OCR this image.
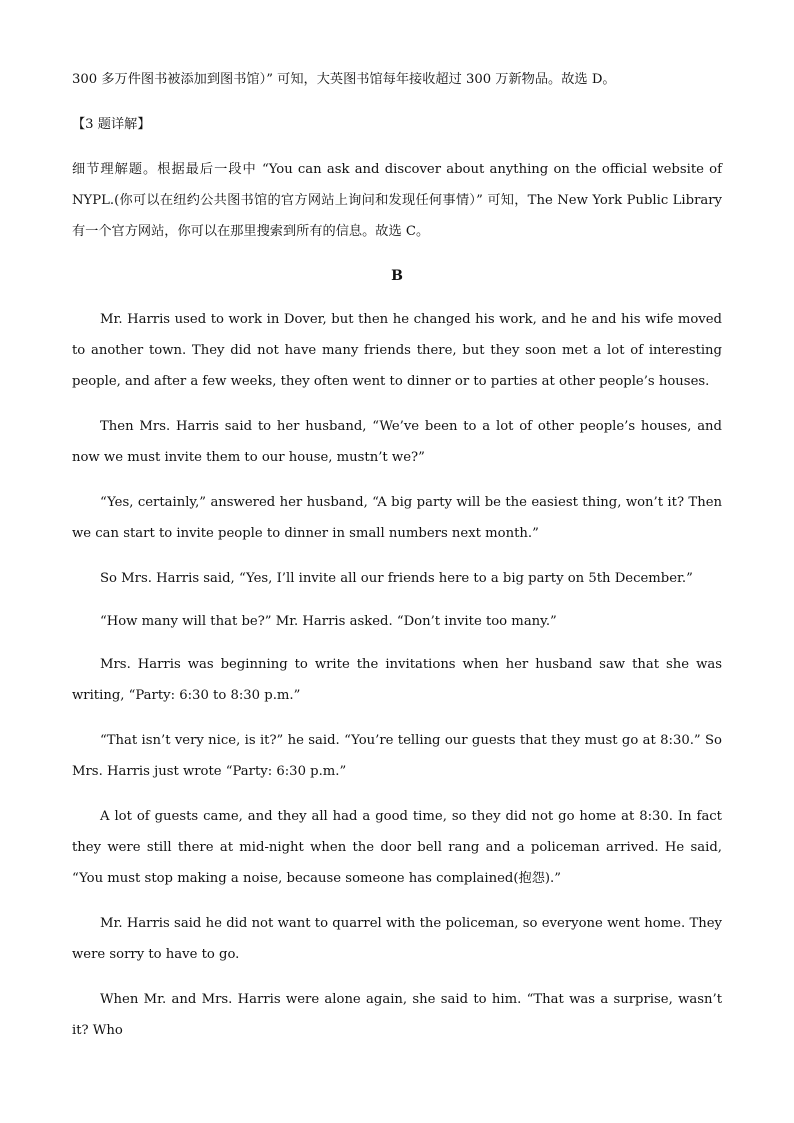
300 多万件图书被添加到图书馆）” 可知，大英图书馆每年接收超过 300 万新物品。故选 D。

【3 题详解】

细节理解题。根据最后一段中 “You can ask and discover about anything on the official website of NYPL.(你可以在纽约公共图书馆的官方网站上询问和发现任何事情）” 可知，The New York Public Library 有一个官方网站，你可以在那里搜索到所有的信息。故选 C。

B

Mr. Harris used to work in Dover, but then he changed his work, and he and his wife moved to another town. They did not have many friends there, but they soon met a lot of interesting people, and after a few weeks, they often went to dinner or to parties at other people’s houses.

Then Mrs. Harris said to her husband, “We’ve been to a lot of other people’s houses, and now we must invite them to our house, mustn’t we?”

“Yes, certainly,” answered her husband, “A big party will be the easiest thing, won’t it? Then we can start to invite people to dinner in small numbers next month.”

So Mrs. Harris said, “Yes, I’ll invite all our friends here to a big party on 5th December.”

“How many will that be?” Mr. Harris asked. “Don’t invite too many.”

Mrs. Harris was beginning to write the invitations when her husband saw that she was writing, “Party: 6:30 to 8:30 p.m.”

“That isn’t very nice, is it?” he said. “You’re telling our guests that they must go at 8:30.” So Mrs. Harris just wrote “Party: 6:30 p.m.”

A lot of guests came, and they all had a good time, so they did not go home at 8:30. In fact they were still there at mid-night when the door bell rang and a policeman arrived. He said, “You must stop making a noise, because someone has complained(抱怨).”

Mr. Harris said he did not want to quarrel with the policeman, so everyone went home. They were sorry to have to go.

When Mr. and Mrs. Harris were alone again, she said to him. “That was a surprise, wasn’t it? Who
